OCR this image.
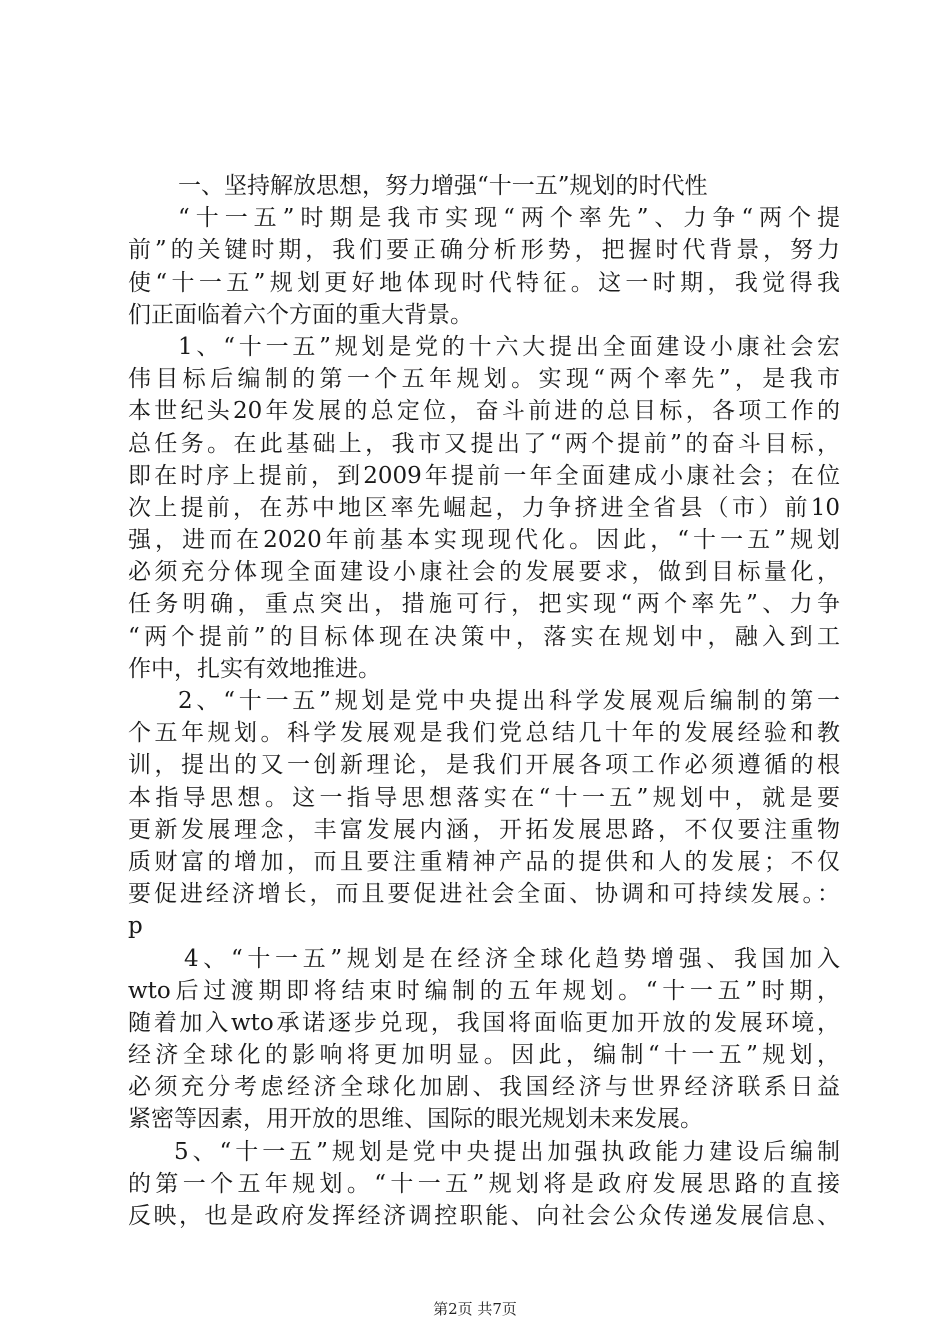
一、坚持解放思想，努力增强“十一五”规划的时代性
“十一五”时期是我市实现“两个率先”、力争“两个提
前”的关键时期，我们要正确分析形势，把握时代背景，努力
使“十一五”规划更好地体现时代特征。这一时期，我觉得我
们正面临着六个方面的重大背景。
1、“十一五”规划是党的十六大提出全面建设小康社会宏
伟目标后编制的第一个五年规划。实现“两个率先”，是我市
本世纪头20年发展的总定位，奋斗前进的总目标，各项工作的
总任务。在此基础上，我市又提出了“两个提前”的奋斗目标，
即在时序上提前，到2009年提前一年全面建成小康社会；在位
次上提前，在苏中地区率先崛起，力争挤进全省县（市）前10
强，进而在2020年前基本实现现代化。因此，“十一五”规划
必须充分体现全面建设小康社会的发展要求，做到目标量化，
任务明确，重点突出，措施可行，把实现“两个率先”、力争
“两个提前”的目标体现在决策中，落实在规划中，融入到工
作中，扎实有效地推进。
2、“十一五”规划是党中央提出科学发展观后编制的第一
个五年规划。科学发展观是我们党总结几十年的发展经验和教
训，提出的又一创新理论，是我们开展各项工作必须遵循的根
本指导思想。这一指导思想落实在“十一五”规划中，就是要
更新发展理念，丰富发展内涵，开拓发展思路，不仅要注重物
质财富的增加，而且要注重精神产品的提供和人的发展；不仅
要促进经济增长，而且要促进社会全面、协调和可持续发展。：
p
4、“十一五”规划是在经济全球化趋势增强、我国加入
wto后过渡期即将结束时编制的五年规划。“十一五”时期，
随着加入wto承诺逐步兑现，我国将面临更加开放的发展环境，
经济全球化的影响将更加明显。因此，编制“十一五”规划，
必须充分考虑经济全球化加剧、我国经济与世界经济联系日益
紧密等因素，用开放的思维、国际的眼光规划未来发展。
5、“十一五”规划是党中央提出加强执政能力建设后编制
的第一个五年规划。“十一五”规划将是政府发展思路的直接
反映，也是政府发挥经济调控职能、向社会公众传递发展信息、
第2页 共7页
